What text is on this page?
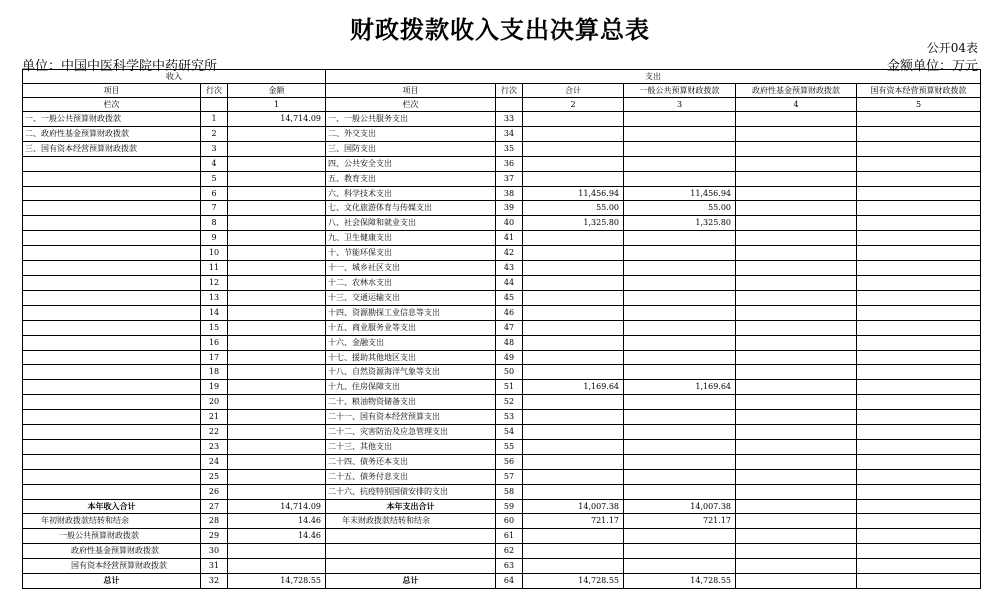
财政拨款收入支出决算总表
公开04表
单位：中国中医科学院中药研究所	金额单位：万元
收入			支出					
项目	行次	金额	项目	行次	合计	一般公共预算财政拨款	政府性基金预算财政拨款	国有资本经营预算财政拨款
栏次		1	栏次		2	3	4	5
一、一般公共预算财政拨款	1	14,714.09	一、一般公共服务支出	33				
二、政府性基金预算财政拨款	2		二、外交支出	34				
三、国有资本经营预算财政拨款	3		三、国防支出	35				
	4		四、公共安全支出	36				
	5		五、教育支出	37				
	6		六、科学技术支出	38	11,456.94	11,456.94		
	7		七、文化旅游体育与传媒支出	39	55.00	55.00		
	8		八、社会保障和就业支出	40	1,325.80	1,325.80		
	9		九、卫生健康支出	41				
	10		十、节能环保支出	42				
	11		十一、城乡社区支出	43				
	12		十二、农林水支出	44				
	13		十三、交通运输支出	45				
	14		十四、资源勘探工业信息等支出	46				
	15		十五、商业服务业等支出	47				
	16		十六、金融支出	48				
	17		十七、援助其他地区支出	49				
	18		十八、自然资源海洋气象等支出	50				
	19		十九、住房保障支出	51	1,169.64	1,169.64		
	20		二十、粮油物资储备支出	52				
	21		二十一、国有资本经营预算支出	53				
	22		二十二、灾害防治及应急管理支出	54				
	23		二十三、其他支出	55				
	24		二十四、债务还本支出	56				
	25		二十五、债务付息支出	57				
	26		二十六、抗疫特别国债安排的支出	58				
本年收入合计	27	14,714.09	本年支出合计	59	14,007.38	14,007.38		
年初财政拨款结转和结余	28	14.46	年末财政拨款结转和结余	60	721.17	721.17		
一般公共预算财政拨款	29	14.46		61				
政府性基金预算财政拨款	30			62				
国有资本经营预算财政拨款	31			63				
总计	32	14,728.55	总计	64	14,728.55	14,728.55		
